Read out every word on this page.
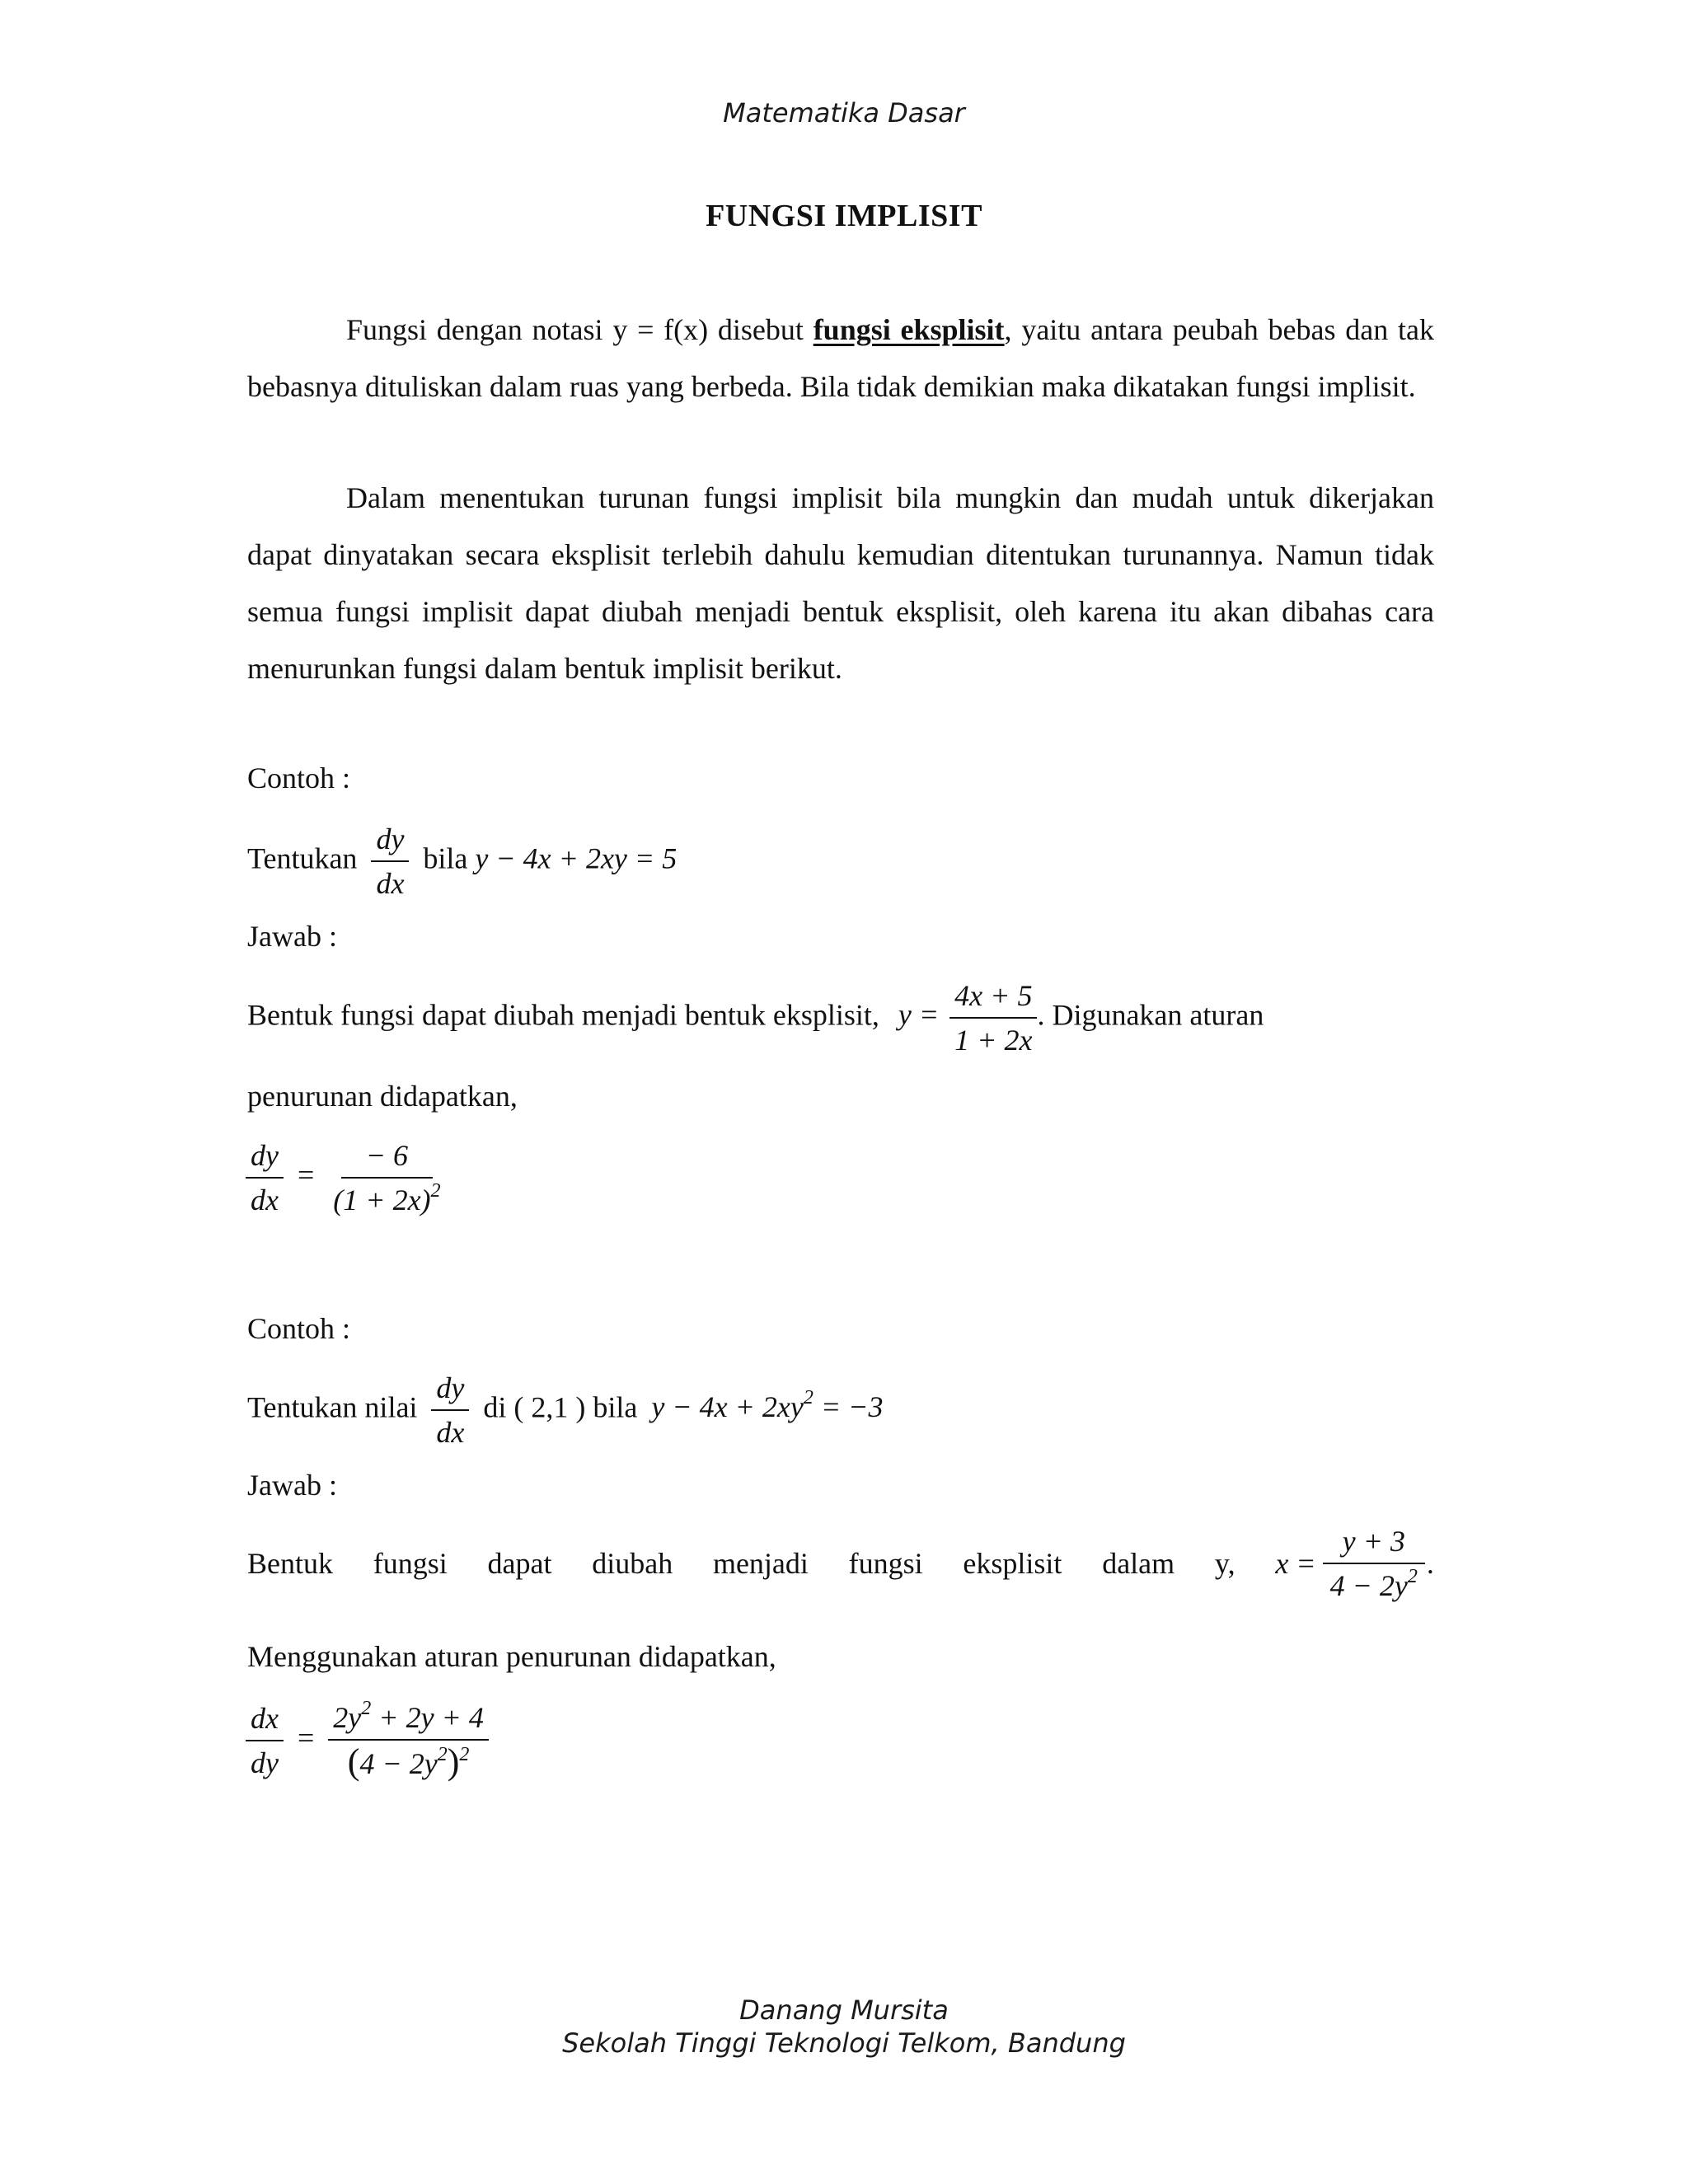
Matematika Dasar
FUNGSI IMPLISIT
Fungsi dengan notasi y = f(x) disebut fungsi eksplisit, yaitu antara peubah bebas dan tak bebasnya dituliskan dalam ruas yang berbeda. Bila tidak demikian maka dikatakan fungsi implisit.
Dalam menentukan turunan fungsi implisit bila mungkin dan mudah untuk dikerjakan dapat dinyatakan secara eksplisit terlebih dahulu kemudian ditentukan turunannya. Namun tidak semua fungsi implisit dapat diubah menjadi bentuk eksplisit, oleh karena itu akan dibahas cara menurunkan fungsi dalam bentuk implisit berikut.
Contoh :
Tentukan $\frac{dy}{dx}$ bila y − 4x + 2xy = 5
Jawab :
Bentuk fungsi dapat diubah menjadi bentuk eksplisit, $y = \frac{4x + 5}{1 + 2x}$ . Digunakan aturan
penurunan didapatkan,
$\frac{dy}{dx} = \frac{- 6}{(1 + 2x)^2}$
Contoh :
Tentukan nilai $\frac{dy}{dx}$ di ( 2,1 ) bila $y - 4x + 2xy^2 = -3$
Jawab :
Bentuk fungsi dapat diubah menjadi fungsi eksplisit dalam y, $x = \frac{y + 3}{4 - 2y^2}$ .
Menggunakan aturan penurunan didapatkan,
$\frac{dx}{dy} = \frac{2y^2 + 2y + 4}{(4 - 2y^2)^2}$
Danang Mursita
Sekolah Tinggi Teknologi Telkom, Bandung
